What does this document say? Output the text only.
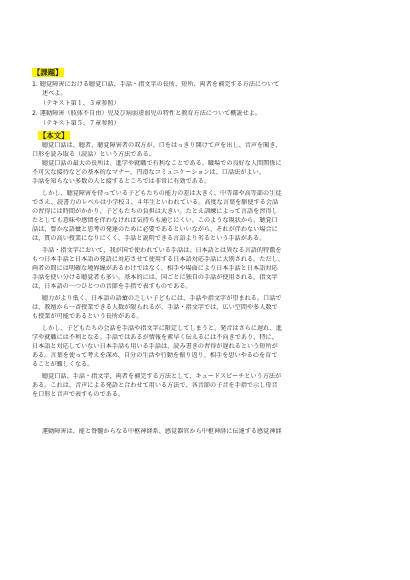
【課題】
1. 聴覚障害における聴覚口話、手話・指文字の長所、短所、両者を補完する方法について
述べよ。
（テキスト第１、３章参照）
2. 運動障害（肢体不自由）児及び病弱虚弱児の特性と教育方法について概説せよ。
（テキスト第５、７章参照）
【本文】
聴覚口話は、聴者、聴覚障害者の双方が、口をはっきり開けて声を出し、音声を聞き、
口形を読み取る（読話）という方法である。
聴覚口話の最大の長所は、進学や就職で有利なことである。職場での良好な人間関係に
不可欠な接待などの基本的なマナー、円滑なコミュニケーションは、口話法がよい。
手話を知らない多数の人と接するところでは非常に有効である。
しかし、聴覚障害を持っている子どもたちの能力の差は大きく、中等部や高等部の生徒
でさえ、読書力のレベルは小学校３、４年生といわれている。高度な言葉を駆使する会話
の習得には時間がかかり、子どもたちの負担は大きい。たとえ訓練によって言語を習得し
たとしても意味や感情を伴わなければ気持ちも通じにくい。このような現状から、聴覚口
話は、豊かな語彙と思考の発達のために必要であるといいながら、それが伴わない場合に
は、質の高い授業になりにくく、手話と説明できる言語より劣るという手話がある。
手話・指文字において、我が国で使われている手話は、日本語とは異なる言語的特徴を
もつ日本手話と日本語の発語に対応させて使用する日本語対応手話に大別される。ただし、
両者の間には明確な境界線があるわけではなく、相手や場面により日本手話と日本語対応
手話を使い分ける聴覚者も多い。基本的には、国ごとに独自の手話が使用される。指文字
は、日本語の一つひとつの音節を手指で表すものである。
聴力がより低く、日本語の語彙の乏しい子どもには、手話や指文字が望まれる。口話で
は、教壇から一斉授業できる人数が限られるが、手話・指文字では、広い空間や多人数で
も授業が可能であるという長所がある。
しかし、子どもたちの会話を手話や指文字に限定してしまうと、発音はさらに遅れ、進
学や就職には不利となる。手話ではあるが情報を素早く伝えるには不向きであり、特に、
日本語と対応していない日本手話も用いる手話は、読み書きの習得が遅れるという短所が
ある。言葉を使って考えを深め、自分の生活や行動を振り返り、相手を思いやる心を育て
ることが難しくなる。
聴覚口話、手話・指文字、両者を補完する方法として、キュードスピーチという方法が
ある。これは、音声による発語と合わせて用いる方法で、各音節の子音を手指で示し母音
を口形と音声で表すものである。
運動障害は、能と脊髄からなる中枢神経系、感覚器官から中枢神経に伝達する感覚神経
